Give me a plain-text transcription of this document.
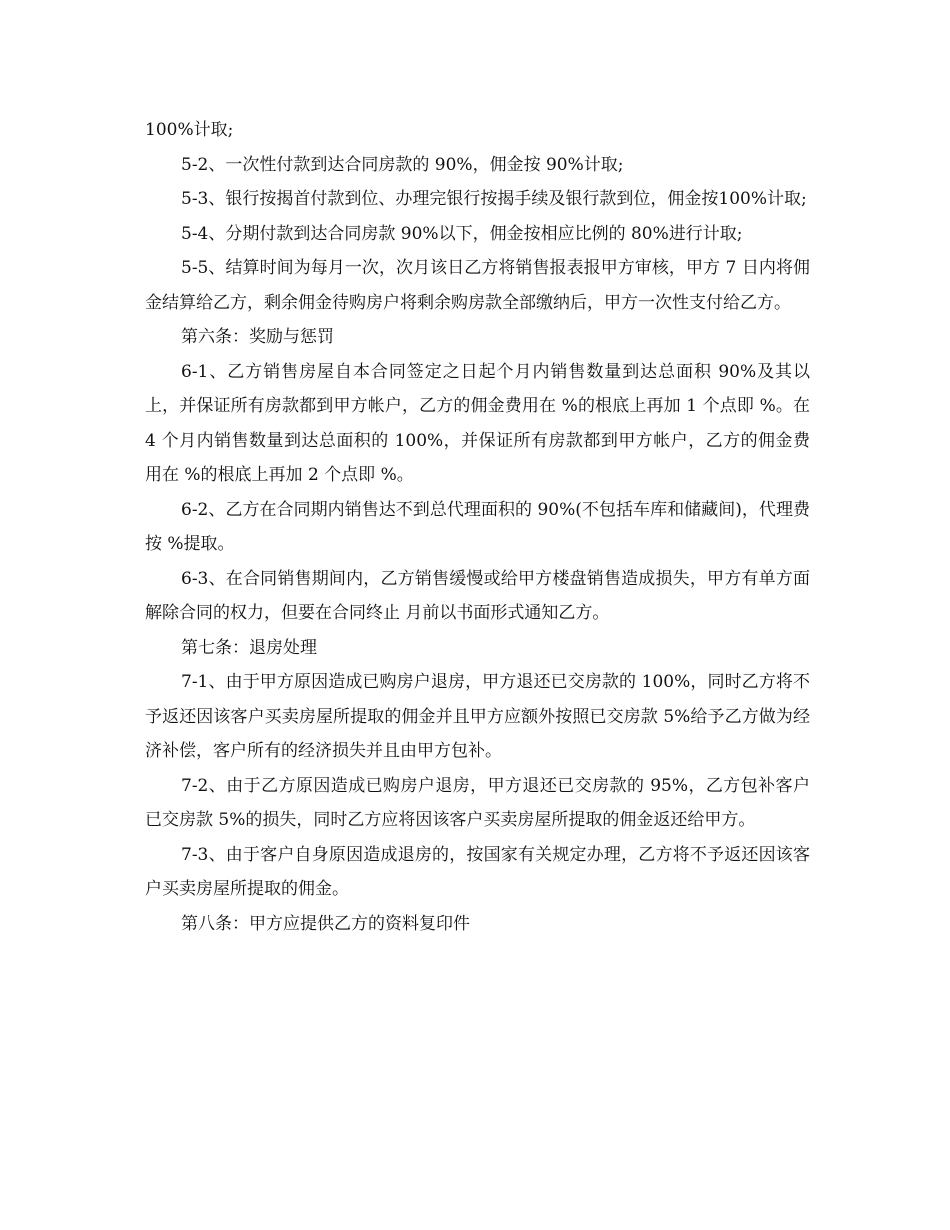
100%计取;

5-2、一次性付款到达合同房款的 90%，佣金按 90%计取;

5-3、银行按揭首付款到位、办理完银行按揭手续及银行款到位，佣金按100%计取;

5-4、分期付款到达合同房款 90%以下，佣金按相应比例的 80%进行计取;

5-5、结算时间为每月一次，次月该日乙方将销售报表报甲方审核，甲方 7 日内将佣金结算给乙方，剩余佣金待购房户将剩余购房款全部缴纳后，甲方一次性支付给乙方。

第六条：奖励与惩罚

6-1、乙方销售房屋自本合同签定之日起个月内销售数量到达总面积 90%及其以上，并保证所有房款都到甲方帐户，乙方的佣金费用在 %的根底上再加 1 个点即 %。在 4 个月内销售数量到达总面积的 100%，并保证所有房款都到甲方帐户，乙方的佣金费用在 %的根底上再加 2 个点即 %。

6-2、乙方在合同期内销售达不到总代理面积的 90%(不包括车库和储藏间)，代理费按 %提取。

6-3、在合同销售期间内，乙方销售缓慢或给甲方楼盘销售造成损失，甲方有单方面解除合同的权力，但要在合同终止 月前以书面形式通知乙方。

第七条：退房处理

7-1、由于甲方原因造成已购房户退房，甲方退还已交房款的 100%，同时乙方将不予返还因该客户买卖房屋所提取的佣金并且甲方应额外按照已交房款 5%给予乙方做为经济补偿，客户所有的经济损失并且由甲方包补。

7-2、由于乙方原因造成已购房户退房，甲方退还已交房款的 95%，乙方包补客户已交房款 5%的损失，同时乙方应将因该客户买卖房屋所提取的佣金返还给甲方。

7-3、由于客户自身原因造成退房的，按国家有关规定办理，乙方将不予返还因该客户买卖房屋所提取的佣金。

第八条：甲方应提供乙方的资料复印件
